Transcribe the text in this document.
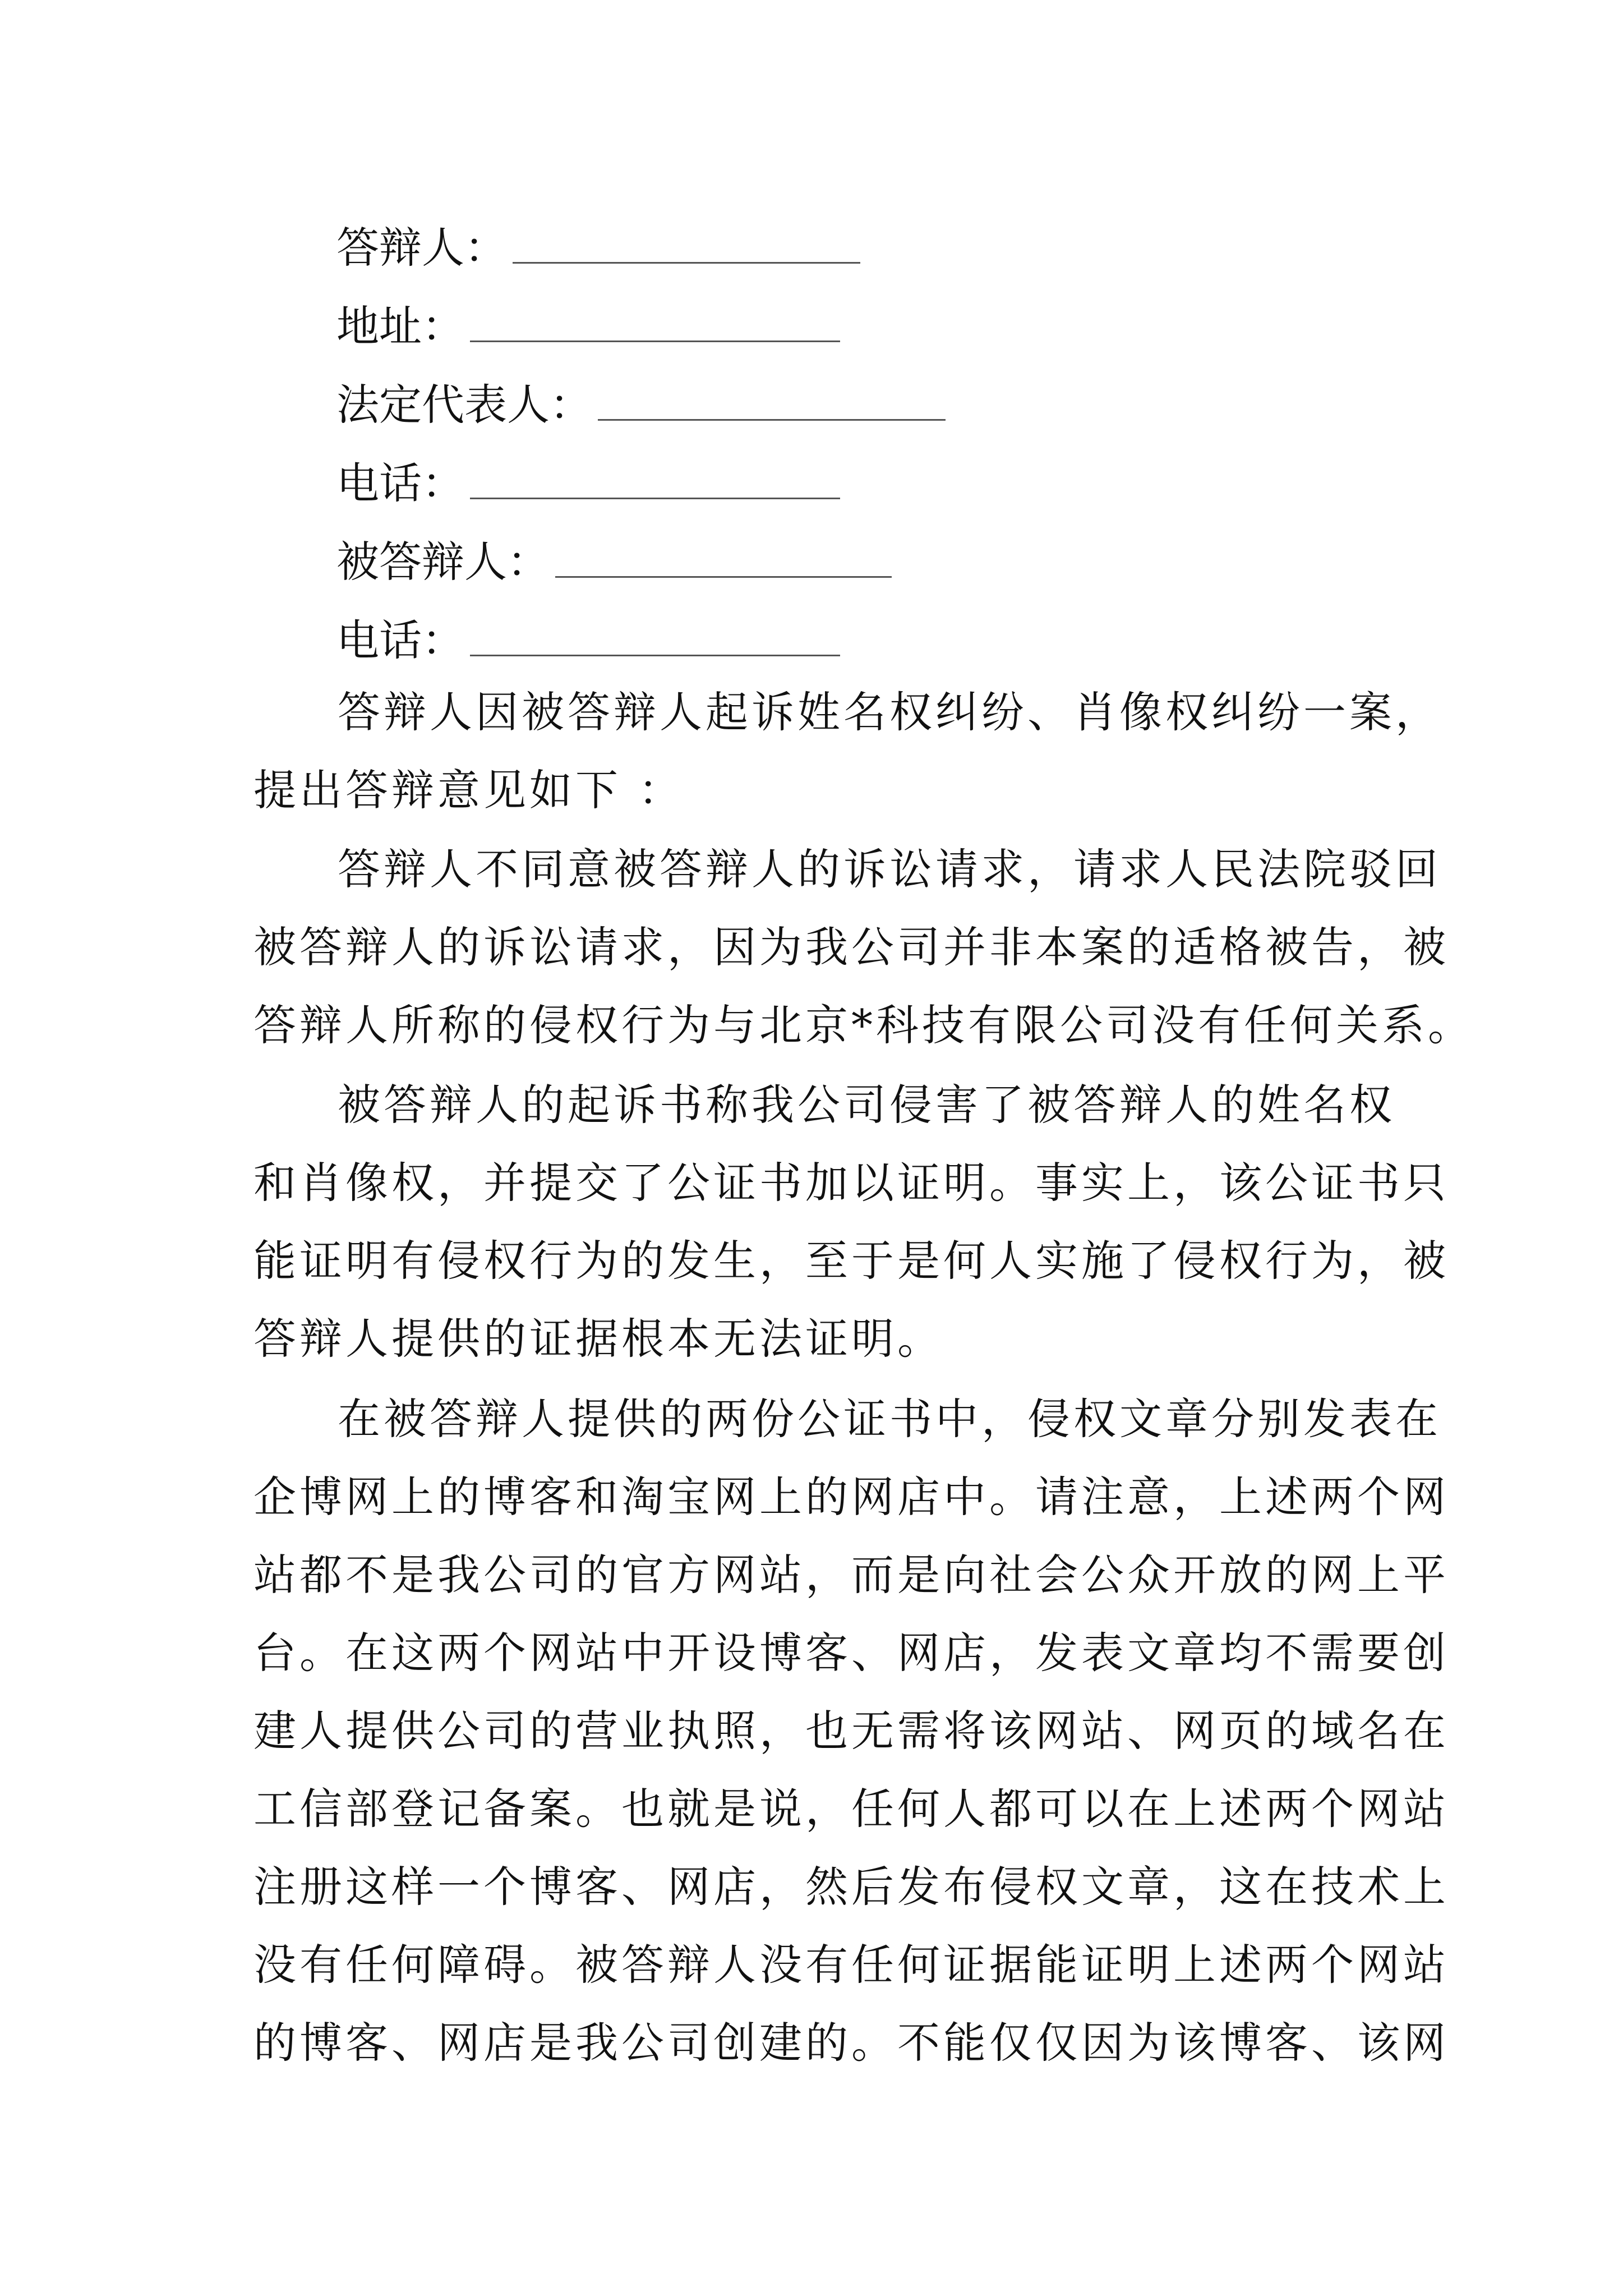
答辩人：
地址：
法定代表人：
电话：
被答辩人：
电话：
答辩人因被答辩人起诉姓名权纠纷、肖像权纠纷一案，
提出答辩意见如下 ：
答辩人不同意被答辩人的诉讼请求，请求人民法院驳回
被答辩人的诉讼请求，因为我公司并非本案的适格被告，被
答辩人所称的侵权行为与北京*科技有限公司没有任何关系。
被答辩人的起诉书称我公司侵害了被答辩人的姓名权
和肖像权，并提交了公证书加以证明。事实上，该公证书只
能证明有侵权行为的发生，至于是何人实施了侵权行为，被
答辩人提供的证据根本无法证明。
在被答辩人提供的两份公证书中，侵权文章分别发表在
企博网上的博客和淘宝网上的网店中。请注意，上述两个网
站都不是我公司的官方网站，而是向社会公众开放的网上平
台。在这两个网站中开设博客、网店，发表文章均不需要创
建人提供公司的营业执照，也无需将该网站、网页的域名在
工信部登记备案。也就是说，任何人都可以在上述两个网站
注册这样一个博客、网店，然后发布侵权文章，这在技术上
没有任何障碍。被答辩人没有任何证据能证明上述两个网站
的博客、网店是我公司创建的。不能仅仅因为该博客、该网
